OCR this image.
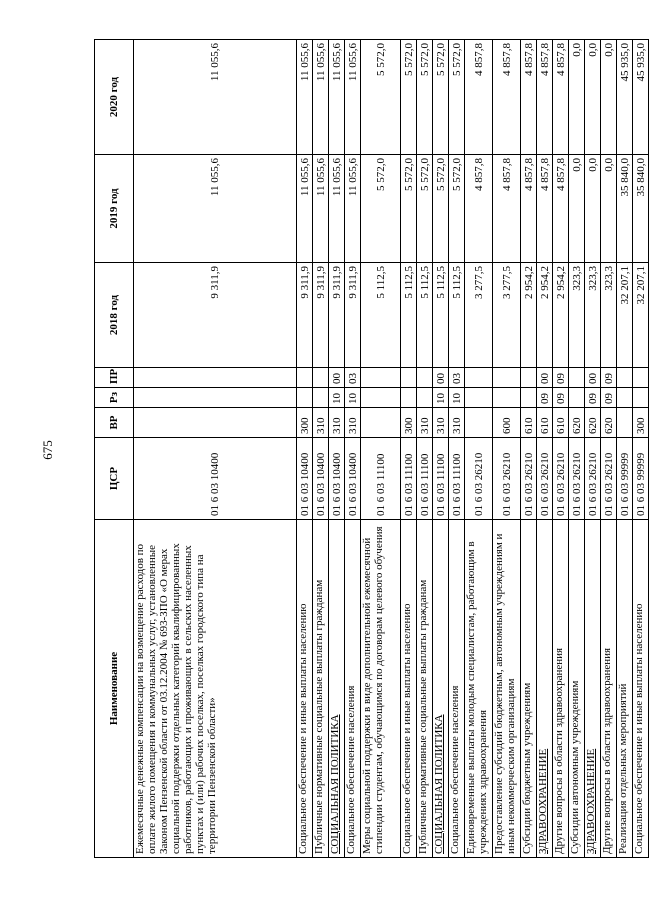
675
Наименование	ЦСР	ВР	Рз	ПР	2018 год	2019 год	2020 год
Ежемесячные денежные компенсации на возмещение расходов по оплате жилого помещения и коммунальных услуг, установленные Законом Пензенской области от 03.12.2004 № 693-ЗПО «О мерах социальной поддержки отдельных категорий квалифицированных работников, работающих и проживающих в сельских населенных пунктах и (или) рабочих поселках, поселках городского типа на территории Пензенской области»	01 6 03 10400				9 311,9	11 055,6	11 055,6
Социальное обеспечение и иные выплаты населению	01 6 03 10400	300			9 311,9	11 055,6	11 055,6
Публичные нормативные социальные выплаты гражданам	01 6 03 10400	310			9 311,9	11 055,6	11 055,6
СОЦИАЛЬНАЯ ПОЛИТИКА	01 6 03 10400	310	10	00	9 311,9	11 055,6	11 055,6
Социальное обеспечение населения	01 6 03 10400	310	10	03	9 311,9	11 055,6	11 055,6
Меры социальной поддержки в виде дополнительной ежемесячной стипендии студентам, обучающимся по договорам целевого обучения	01 6 03 11100				5 112,5	5 572,0	5 572,0
Социальное обеспечение и иные выплаты населению	01 6 03 11100	300			5 112,5	5 572,0	5 572,0
Публичные нормативные социальные выплаты гражданам	01 6 03 11100	310			5 112,5	5 572,0	5 572,0
СОЦИАЛЬНАЯ ПОЛИТИКА	01 6 03 11100	310	10	00	5 112,5	5 572,0	5 572,0
Социальное обеспечение населения	01 6 03 11100	310	10	03	5 112,5	5 572,0	5 572,0
Единовременные выплаты молодым специалистам, работающим в учреждениях здравоохранения	01 6 03 26210				3 277,5	4 857,8	4 857,8
Предоставление субсидий бюджетным, автономным учреждениям и иным некоммерческим организациям	01 6 03 26210	600			3 277,5	4 857,8	4 857,8
Субсидии бюджетным учреждениям	01 6 03 26210	610			2 954,2	4 857,8	4 857,8
ЗДРАВООХРАНЕНИЕ	01 6 03 26210	610	09	00	2 954,2	4 857,8	4 857,8
Другие вопросы в области здравоохранения	01 6 03 26210	610	09	09	2 954,2	4 857,8	4 857,8
Субсидии автономным учреждениям	01 6 03 26210	620			323,3	0,0	0,0
ЗДРАВООХРАНЕНИЕ	01 6 03 26210	620	09	00	323,3	0,0	0,0
Другие вопросы в области здравоохранения	01 6 03 26210	620	09	09	323,3	0,0	0,0
Реализация отдельных мероприятий	01 6 03 99999				32 207,1	35 840,0	45 935,0
Социальное обеспечение и иные выплаты населению	01 6 03 99999	300			32 207,1	35 840,0	45 935,0
